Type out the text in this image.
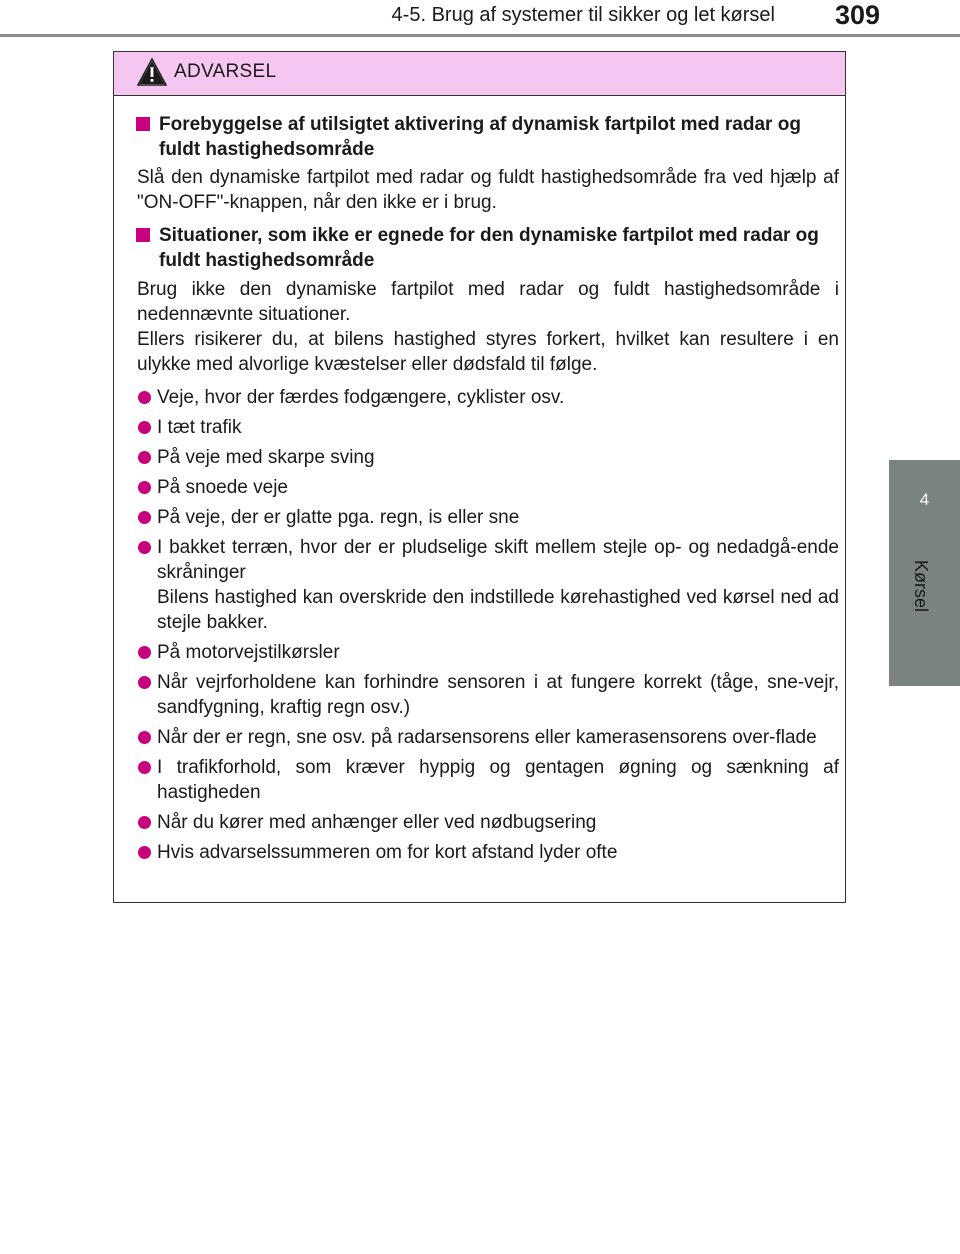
4-5. Brug af systemer til sikker og let kørsel 309
4
Kørsel
ADVARSEL
Forebyggelse af utilsigtet aktivering af dynamisk fartpilot med radar og fuldt hastighedsområde

Slå den dynamiske fartpilot med radar og fuldt hastighedsområde fra ved hjælp af "ON-OFF"-knappen, når den ikke er i brug.

Situationer, som ikke er egnede for den dynamiske fartpilot med radar og fuldt hastighedsområde

Brug ikke den dynamiske fartpilot med radar og fuldt hastighedsområde i nedennævnte situationer.

Ellers risikerer du, at bilens hastighed styres forkert, hvilket kan resultere i en ulykke med alvorlige kvæstelser eller dødsfald til følge.

Veje, hvor der færdes fodgængere, cyklister osv.
I tæt trafik
På veje med skarpe sving
På snoede veje
På veje, der er glatte pga. regn, is eller sne
I bakket terræn, hvor der er pludselige skift mellem stejle op- og nedadgå-ende skråninger
Bilens hastighed kan overskride den indstillede kørehastighed ved kørsel ned ad stejle bakker.
På motorvejstilkørsler
Når vejrforholdene kan forhindre sensoren i at fungere korrekt (tåge, sne-vejr, sandfygning, kraftig regn osv.)
Når der er regn, sne osv. på radarsensorens eller kamerasensorens over-flade
I trafikforhold, som kræver hyppig og gentagen øgning og sænkning af hastigheden
Når du kører med anhænger eller ved nødbugsering
Hvis advarselssummeren om for kort afstand lyder ofte
